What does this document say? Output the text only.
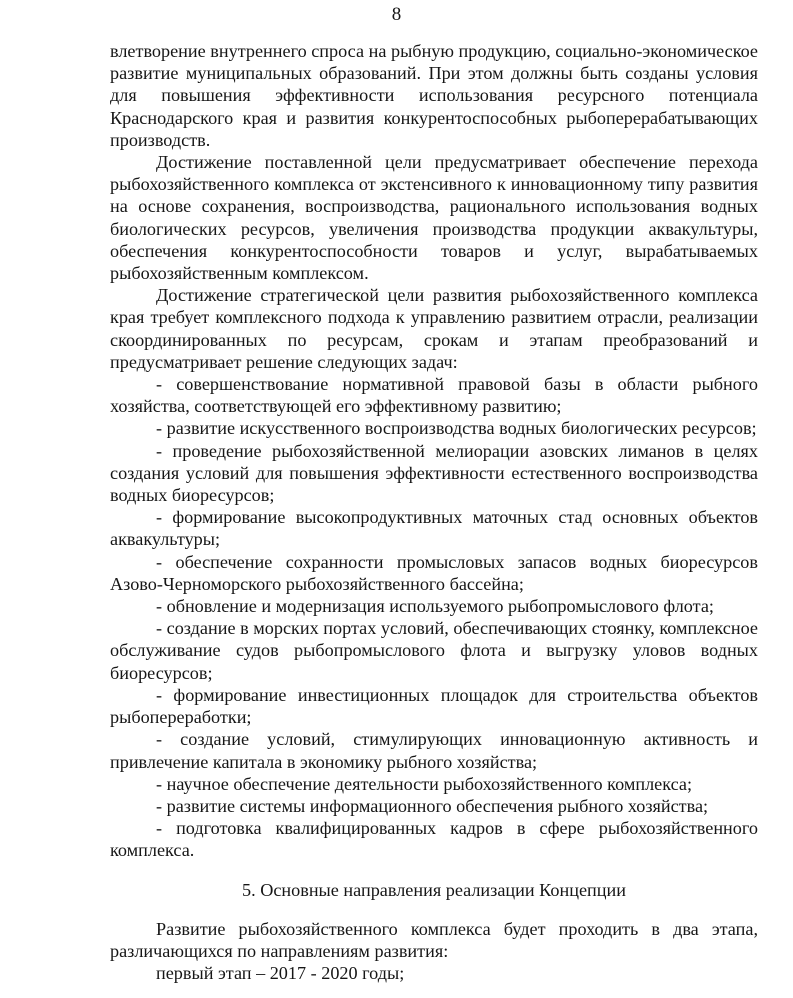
8

влетворение внутреннего спроса на рыбную продукцию, социально-экономическое развитие муниципальных образований. При этом должны быть созданы условия для повышения эффективности использования ресурсного потенциала Краснодарского края и развития конкурентоспособных рыбоперерабатывающих производств.

Достижение поставленной цели предусматривает обеспечение перехода рыбохозяйственного комплекса от экстенсивного к инновационному типу развития на основе сохранения, воспроизводства, рационального использования водных биологических ресурсов, увеличения производства продукции аквакультуры, обеспечения конкурентоспособности товаров и услуг, вырабатываемых рыбохозяйственным комплексом.

Достижение стратегической цели развития рыбохозяйственного комплекса края требует комплексного подхода к управлению развитием отрасли, реализации скоординированных по ресурсам, срокам и этапам преобразований и предусматривает решение следующих задач:

- совершенствование нормативной правовой базы в области рыбного хозяйства, соответствующей его эффективному развитию;

- развитие искусственного воспроизводства водных биологических ресурсов;

- проведение рыбохозяйственной мелиорации азовских лиманов в целях создания условий для повышения эффективности естественного воспроизводства водных биоресурсов;

- формирование высокопродуктивных маточных стад основных объектов аквакультуры;

- обеспечение сохранности промысловых запасов водных биоресурсов Азово-Черноморского рыбохозяйственного бассейна;

- обновление и модернизация используемого рыбопромыслового флота;

- создание в морских портах условий, обеспечивающих стоянку, комплексное обслуживание судов рыбопромыслового флота и выгрузку уловов водных биоресурсов;

- формирование инвестиционных площадок для строительства объектов рыбопереработки;

- создание условий, стимулирующих инновационную активность и привлечение капитала в экономику рыбного хозяйства;

- научное обеспечение деятельности рыбохозяйственного комплекса;

- развитие системы информационного обеспечения рыбного хозяйства;

- подготовка квалифицированных кадров в сфере рыбохозяйственного комплекса.

5. Основные направления реализации Концепции

Развитие рыбохозяйственного комплекса будет проходить в два этапа, различающихся по направлениям развития:

первый этап – 2017 - 2020 годы;
